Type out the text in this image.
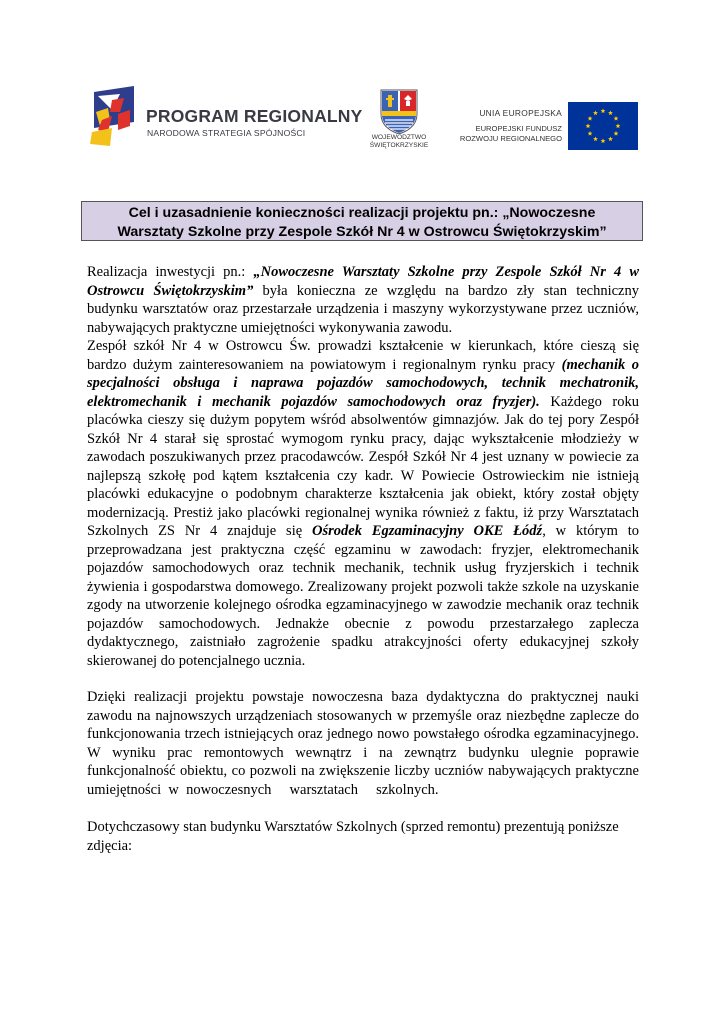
PROGRAM REGIONALNY
NARODOWA STRATEGIA SPÓJNOŚCI	WOJEWÓDZTWO
ŚWIĘTOKRZYSKIE
UNIA EUROPEJSKA
EUROPEJSKI FUNDUSZ
ROZWOJU REGIONALNEGO
Cel i uzasadnienie konieczności realizacji projektu pn.: „Nowoczesne
Warsztaty Szkolne przy Zespole Szkół Nr 4 w Ostrowcu Świętokrzyskim”
Realizacja inwestycji pn.: „Nowoczesne Warsztaty Szkolne przy Zespole Szkół Nr 4 w
Ostrowcu Świętokrzyskim” była konieczna ze względu na bardzo zły stan techniczny
budynku warsztatów oraz przestarzałe urządzenia i maszyny wykorzystywane przez uczniów,
nabywających praktyczne umiejętności wykonywania zawodu.
Zespół szkół Nr 4 w Ostrowcu Św. prowadzi kształcenie w kierunkach, które cieszą się
bardzo dużym zainteresowaniem na powiatowym i regionalnym rynku pracy (mechanik o
specjalności obsługa i naprawa pojazdów samochodowych, technik mechatronik,
elektromechanik i mechanik pojazdów samochodowych oraz fryzjer). Każdego roku
placówka cieszy się dużym popytem wśród absolwentów gimnazjów. Jak do tej pory Zespół
Szkół Nr 4 starał się sprostać wymogom rynku pracy, dając wykształcenie młodzieży w
zawodach poszukiwanych przez pracodawców. Zespół Szkół Nr 4 jest uznany w powiecie za
najlepszą szkołę pod kątem kształcenia czy kadr. W Powiecie Ostrowieckim nie istnieją
placówki edukacyjne o podobnym charakterze kształcenia jak obiekt, który został objęty
modernizacją. Prestiż jako placówki regionalnej wynika również z faktu, iż przy Warsztatach
Szkolnych ZS Nr 4 znajduje się Ośrodek Egzaminacyjny OKE Łódź, w którym to
przeprowadzana jest praktyczna część egzaminu w zawodach: fryzjer, elektromechanik
pojazdów samochodowych oraz technik mechanik, technik usług fryzjerskich i technik
żywienia i gospodarstwa domowego. Zrealizowany projekt pozwoli także szkole na uzyskanie
zgody na utworzenie kolejnego ośrodka egzaminacyjnego w zawodzie mechanik oraz technik
pojazdów samochodowych. Jednakże obecnie z powodu przestarzałego zaplecza
dydaktycznego, zaistniało zagrożenie spadku atrakcyjności oferty edukacyjnej szkoły
skierowanej do potencjalnego ucznia.
Dzięki realizacji projektu powstaje nowoczesna baza dydaktyczna do praktycznej nauki
zawodu na najnowszych urządzeniach stosowanych w przemyśle oraz niezbędne zaplecze do
funkcjonowania trzech istniejących oraz jednego nowo powstałego ośrodka egzaminacyjnego.
W wyniku prac remontowych wewnątrz i na zewnątrz budynku ulegnie poprawie
funkcjonalność obiektu, co pozwoli na zwiększenie liczby uczniów nabywających praktyczne
umiejętności  w  nowoczesnych     warsztatach     szkolnych.
Dotychczasowy stan budynku Warsztatów Szkolnych (sprzed remontu) prezentują poniższe
zdjęcia:
